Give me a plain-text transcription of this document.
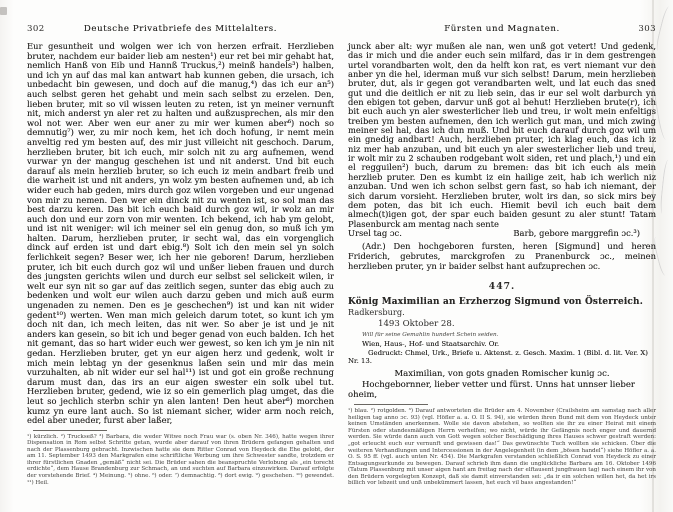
302	Deutsche Privatbriefe des Mittelalters.
Eur gesuntheit und wolgen wer ich von herzen erfrait. Herzlieben bruter, nachdem eur baider lieb am nesten¹) eur ret bei mir gehabt hat, nemlich Hanß von Eib und Hannß Truckus,²) meinß handels³) halben, und ich yn auf das mal kan antwart hab kunnen geben, die ursach, ich unbedacht bin gewesen, und doch auf die manug,⁴) das ich eur an⁵) auch selbst geren het gehabt und mein sach selbst zu erzelen. Den, lieben bruter, mit so vil wissen leuten zu reten, ist yn meiner vernunft nit, mich anderst yn aler ret zu halten und außzusprechen, als mir den wol not wer. Aber wen eur aner zu mir wer kumen aber⁶) noch so demnutig⁷) wer, zu mir noch kem, het ich doch hofung, ir nemt mein anveltig red ym besten auf, des mir just villeicht nit geschoch. Darum, herzlieben bruter, bit ich euch, mir solch nit zu arg aufnemen, wend vurwar yn der mangug geschehen ist und nit anderst. Und bit euch darauf als mein herzlieb bruter, so ich euch iz mein andbart freib und die warheit ist und nit anders, yn wolz ym besten aufnemen und, ab ich wider euch hab geden, mirs durch goz wilen vorgeben und eur ungenad von mir zu nemen. Den wer ein dinck nit zu wenten ist, so sol man das best darzu keren. Das bit ich euch baid durch goz wil, ir wolz an mir auch don und eur zorn von mir wenten. Ich bekend, ich hab ym gelobt, und ist nit weniger: wil ich meiner sel ein genug don, so muß ich ym halten. Darum, herzlieben pruter, ir secht wal, das ein vorgenglich dinck auf erden ist und dart ebig.⁸) Solt ich den mein sel yn solch ferlichkeit segen? Beser wer, ich her nie geboren! Darum, herzlieben pruter, ich bit euch durch goz wil und unßer lieben frauen und durch des jungsten gerichts wilen und durch eur selbst sel selickeit wilen, ir welt eur syn nit so gar auf das zeitlich segen, sunter das ebig auch zu bedenken und wolt eur wilen auch darzu geben und mich auß eurm ungenaden zu nemen. Den es je geschechen⁹) ist und kan nit wider gedent¹⁰) werten. Wen man mich geleich darum totet, so kunt ich ym doch nit dan, ich mech leiten, das nit wer. So aber je ist und je nit anders kan gesein, so bit ich und beger genad von euch balden. Ich het nit gemant, das so hart wider euch wer gewest, so ken ich ym je nin nit gedan. Herzlieben bruter, get yn eur aigen herz und gedenk, wolt ir mich mein lebtag yn der gesenknus laßen sein und mir das mein vurzuhalten, ab nit wider eur sel hal¹¹) ist und got ein große rechnung darum must dan, das irs an eur aigen swester ein solk ubel tut. Herzlieben bruter, gedend, wie iz so ein gemerlich plag umget, das die leut so jechlich sterbn schir yn alen lanten! Den heut aber⁶) morchen kumz yn eure lant auch. So ist niemant sicher, wider arm noch reich, edel aber uneder, furst aber laßer,
¹) kürzlich. ²) Truckseß? ³) Barbara, die weder Witwe noch Frau war (s. oben Nr. 346), hatte wegen ihrer Dispensation in Rom selbst Schritte getan, wurde aber darauf von ihren Brüdern gefangen gehalten und nach der Plassenburg gebracht. Inzwischen hatte sie dem Ritter Conrad von Heydeck die Ehe gelobt, der am 11. September 1493 den Markgrafen eine schriftliche Werbung um ihre Schwester sandte, trotzdem er ihrer fürstlichen Gnaden „gemäß“ nicht sei. Die Brüder sahen die beanspruchte Verlobung als „ein torecht erdichte“, dem Hause Brandenburg zur Schmach, an und suchten auf Barbara einzuwirken. Darauf erfolgte der vorstehende Brief. ⁴) Meinung. ⁵) ohne. ⁶) oder. ⁷) demnachtig. ⁸) dort ewig. ⁹) geschehen. ¹⁰) gewendet. ¹¹) Heil.
Fürsten und Magnaten.	303
junck aber alt: wyr mußen ale nan, wen unß got vetert! Und gedenk, das ir mich und die ander euch sein milfard, das ir in dem gestrengen urtel vorandbarten wolt, den da helft kon rat, es vert niemant vur den anber yn die hel, iderman muß vur sich selbst! Darum, mein herzlieben bruter, dut, als ir gegen got verandbarten welt, und lat euch das sned gut und die deitlich er nit zu lieb sein, das ir eur sel wolt darburch yn den ebigen tot geben, darvur unß got al behut! Herzlieben brute(r), ich bit euch auch yn aler swesterlicher lieb und treu, ir wolt mein enfeltigs treiben ym besten aufnemen, den ich werlich gut man, und mich zwing meiner sel hal, das ich dun muß. Und bit euch darauf durch goz wil um ein gnedig andbart! Auch, herzlieben pruter, ich klag euch, das ich iz niz mer hab anzuban, und bit euch yn aler swesterlicher lieb und treu, ir wolt mir zu 2 schauben rodgebant wolt siden, ret und plach,¹) und ein el regguilen²) buch, darum zu bremen: das bit ich euch als mein herzlieb pruter. Den es kumbt iz ein hailige zeit, hab ich werlich niz anzuban. Und wen ich schon selbst gern fast, so hab ich niemant, der sich darum vorsieht. Herzlieben bruter, wolt irs dan, so sick mirs bey dem poten, das bit ich euch. Hiemit bevil ich euch bait dem almech(t)igen got, der spar euch baiden gesunt zu aler stunt! Tatam Plasenburck am mentag nach sente
Ursel tag ɔc.	Barb, gebore marggrefin ɔc.³)
(Adr.) Den hochgeboren fursten, heren [Sigmund] und heren Friderich, gebrutes, marckgrofen zu Pranenburck ɔc., meinen herzlieben pruter, yn ir baider selbst hant aufzuprechen ɔc.
447.
König Maximilian an Erzherzog Sigmund von Österreich. Radkersburg.
1493 Oktober 28.
Will für seine Gemahlin hundert Schein seiden.
Wien, Haus-, Hof- und Staatsarchiv. Or.
Gedruckt: Chmel, Urk., Briefe u. Aktenst. z. Gesch. Maxim. 1 (Bibl. d. lit. Ver. X)
Nr. 13.
Maximilian, von gots gnaden Romischer kunig ɔc.
Hochgebornner, lieber vetter und fürst. Unns hat unnser lieber oheim,
¹) blau. ²) rotgolden. ³) Darauf antworteten die Brüder am 4. November (Crailsheim am samstag nach aller heiligen tag anno ɔc. 93) (vgl. Höfler a. a. O. II S. 94), sie würden ihren Bund mit dem von Heydeck unter keinen Umständen anerkennen. Wolle sie davon abstehen, so wollten sie ihr zu einer Heirat mit einem Fürsten oder standesmäßigen Herrn verhelfen; wo nicht, würde ihr Gefängnis noch enger und dauernd werden. Sie würde dann auch von Gott wegen solcher Beschädigung ihres Hauses schwer gestraft werden: „got erleucht euch eur vernunft und gewissen das!“ Das gewünschte Tuch wollten sie schicken. Über die weiteren Verhandlungen und Intercessionen in der Angelegenheit (in dem „bösen handel“) siehe Höfler a. a. O. S. 95 ff. (vgl. auch unten Nr. 454). Die Markgrafen verstanden schließlich Conrad von Heydeck zu einer Entsagungsurkunde zu bewegen. Darauf schrieb ihm dann die unglückliche Barbara am 16. Oktober 1496 (Tatum Plassenburg mit unser aigen hant am freitag nach der elftausent jungfrauen tag) nach einem ihr von den Brüdern vorgelegten Konzept, daß sie damit einverstanden sei: „da ir ein solchen willen het, da het irs billich vor lebzeit und unß unbekümmert lassen, het euch vil bass angestanden!“
